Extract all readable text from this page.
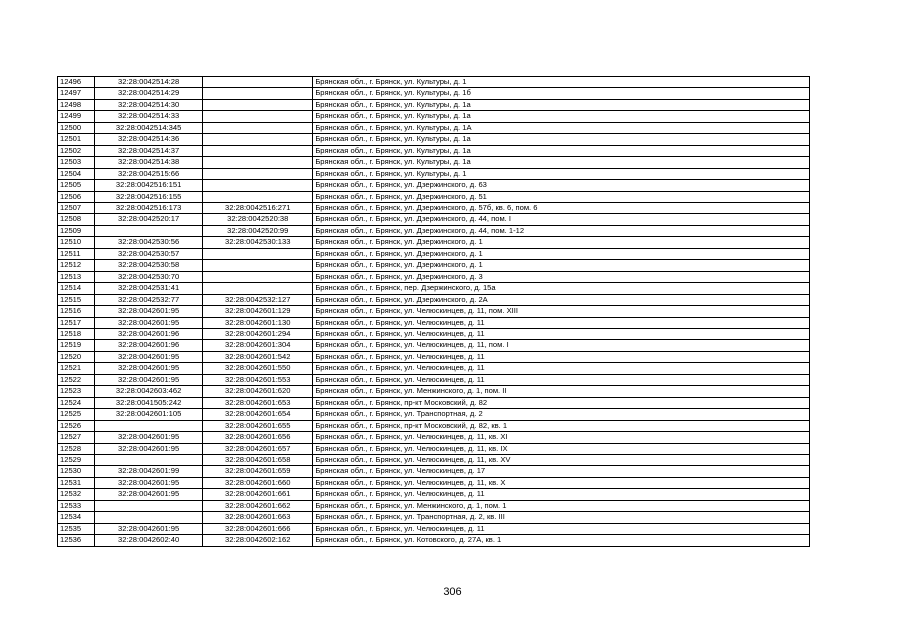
12496	32:28:0042514:28		Брянская обл., г. Брянск, ул. Культуры, д. 1
12497	32:28:0042514:29		Брянская обл., г. Брянск, ул. Культуры, д. 1б
12498	32:28:0042514:30		Брянская обл., г. Брянск, ул. Культуры, д. 1а
12499	32:28:0042514:33		Брянская обл., г. Брянск, ул. Культуры, д. 1а
12500	32:28:0042514:345		Брянская обл., г. Брянск, ул. Культуры, д. 1А
12501	32:28:0042514:36		Брянская обл., г. Брянск, ул. Культуры, д. 1а
12502	32:28:0042514:37		Брянская обл., г. Брянск, ул. Культуры, д. 1а
12503	32:28:0042514:38		Брянская обл., г. Брянск, ул. Культуры, д. 1а
12504	32:28:0042515:66		Брянская обл., г. Брянск, ул. Культуры, д. 1
12505	32:28:0042516:151		Брянская обл., г. Брянск, ул. Дзержинского, д. 63
12506	32:28:0042516:155		Брянская обл., г. Брянск, ул. Дзержинского, д. 51
12507	32:28:0042516:173	32:28:0042516:271	Брянская обл., г. Брянск, ул. Дзержинского, д. 57б, кв. 6, пом. 6
12508	32:28:0042520:17	32:28:0042520:38	Брянская обл., г. Брянск, ул. Дзержинского, д. 44, пом. I
12509		32:28:0042520:99	Брянская обл., г. Брянск, ул. Дзержинского, д. 44, пом. 1-12
12510	32:28:0042530:56	32:28:0042530:133	Брянская обл., г. Брянск, ул. Дзержинского, д. 1
12511	32:28:0042530:57		Брянская обл., г. Брянск, ул. Дзержинского, д. 1
12512	32:28:0042530:58		Брянская обл., г. Брянск, ул. Дзержинского, д. 1
12513	32:28:0042530:70		Брянская обл., г. Брянск, ул. Дзержинского, д. 3
12514	32:28:0042531:41		Брянская обл., г. Брянск, пер. Дзержинского, д. 15а
12515	32:28:0042532:77	32:28:0042532:127	Брянская обл., г. Брянск, ул. Дзержинского, д. 2А
12516	32:28:0042601:95	32:28:0042601:129	Брянская обл., г. Брянск, ул. Челюскинцев, д. 11, пом. XIII
12517	32:28:0042601:95	32:28:0042601:130	Брянская обл., г. Брянск, ул. Челюскинцев, д. 11
12518	32:28:0042601:96	32:28:0042601:294	Брянская обл., г. Брянск, ул. Челюскинцев, д. 11
12519	32:28:0042601:96	32:28:0042601:304	Брянская обл., г. Брянск, ул. Челюскинцев, д. 11, пом. I
12520	32:28:0042601:95	32:28:0042601:542	Брянская обл., г. Брянск, ул. Челюскинцев, д. 11
12521	32:28:0042601:95	32:28:0042601:550	Брянская обл., г. Брянск, ул. Челюскинцев, д. 11
12522	32:28:0042601:95	32:28:0042601:553	Брянская обл., г. Брянск, ул. Челюскинцев, д. 11
12523	32:28:0042603:462	32:28:0042601:620	Брянская обл., г. Брянск, ул. Менжинского, д. 1, пом. II
12524	32:28:0041505:242	32:28:0042601:653	Брянская обл., г. Брянск, пр-кт Московский, д. 82
12525	32:28:0042601:105	32:28:0042601:654	Брянская обл., г. Брянск, ул. Транспортная, д. 2
12526		32:28:0042601:655	Брянская обл., г. Брянск, пр-кт Московский, д. 82, кв. 1
12527	32:28:0042601:95	32:28:0042601:656	Брянская обл., г. Брянск, ул. Челюскинцев, д. 11, кв. XI
12528	32:28:0042601:95	32:28:0042601:657	Брянская обл., г. Брянск, ул. Челюскинцев, д. 11, кв. IX
12529		32:28:0042601:658	Брянская обл., г. Брянск, ул. Челюскинцев, д. 11, кв. XV
12530	32:28:0042601:99	32:28:0042601:659	Брянская обл., г. Брянск, ул. Челюскинцев, д. 17
12531	32:28:0042601:95	32:28:0042601:660	Брянская обл., г. Брянск, ул. Челюскинцев, д. 11, кв. X
12532	32:28:0042601:95	32:28:0042601:661	Брянская обл., г. Брянск, ул. Челюскинцев, д. 11
12533		32:28:0042601:662	Брянская обл., г. Брянск, ул. Менжинского, д. 1, пом. 1
12534		32:28:0042601:663	Брянская обл., г. Брянск, ул. Транспортная, д. 2, кв. III
12535	32:28:0042601:95	32:28:0042601:666	Брянская обл., г. Брянск, ул. Челюскинцев, д. 11
12536	32:28:0042602:40	32:28:0042602:162	Брянская обл., г. Брянск, ул. Котовского, д. 27А, кв. 1
306
